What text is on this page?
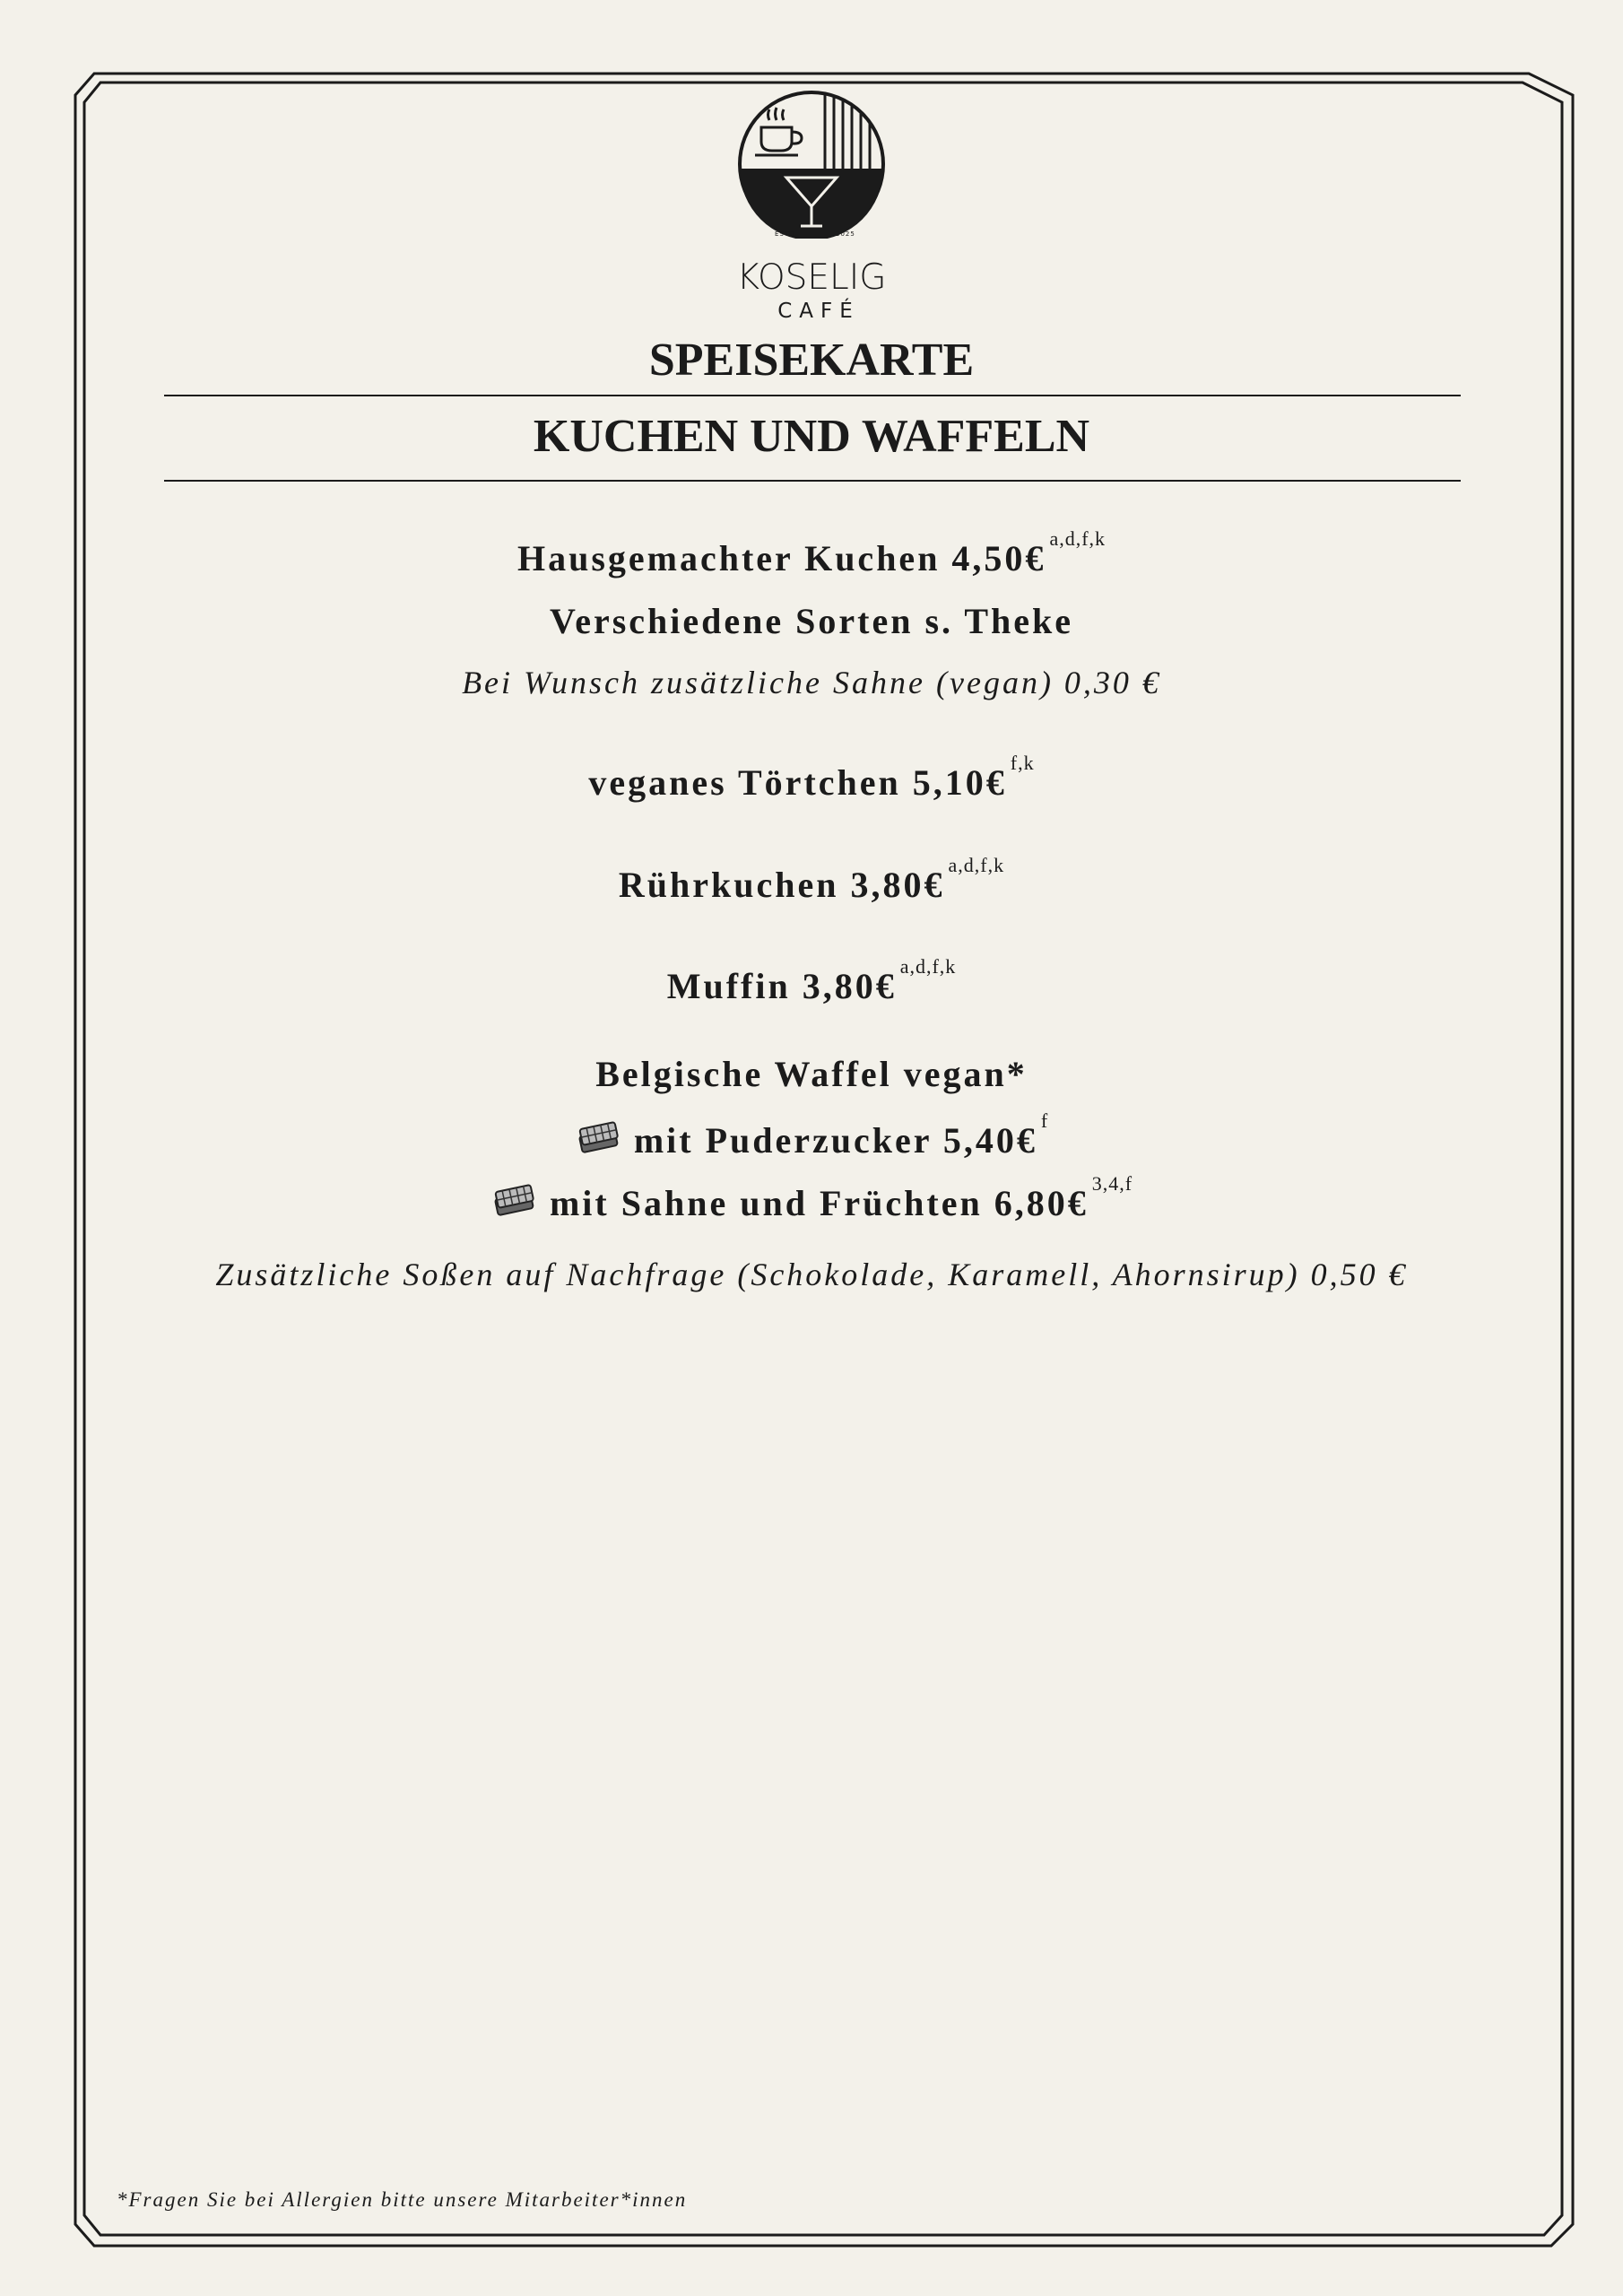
ESTD	2025
KOSELIG
CAFÉ
SPEISEKARTE
KUCHEN UND WAFFELN
Hausgemachter Kuchen 4,50€ $^{a,d,f,k}$
Verschiedene Sorten s. Theke
Bei Wunsch zusätzliche Sahne (vegan) 0,30 €
veganes Törtchen 5,10€ $^{f,k}$
Rührkuchen 3,80€ $^{a,d,f,k}$
Muffin 3,80€ $^{a,d,f,k}$
Belgische Waffel vegan*
mit Puderzucker 5,40€ $^f$
mit Sahne und Früchten 6,80€ $^{3,4,f}$
Zusätzliche Soßen auf Nachfrage (Schokolade, Karamell, Ahornsirup) 0,50 €
*Fragen Sie bei Allergien bitte unsere Mitarbeiter*innen
